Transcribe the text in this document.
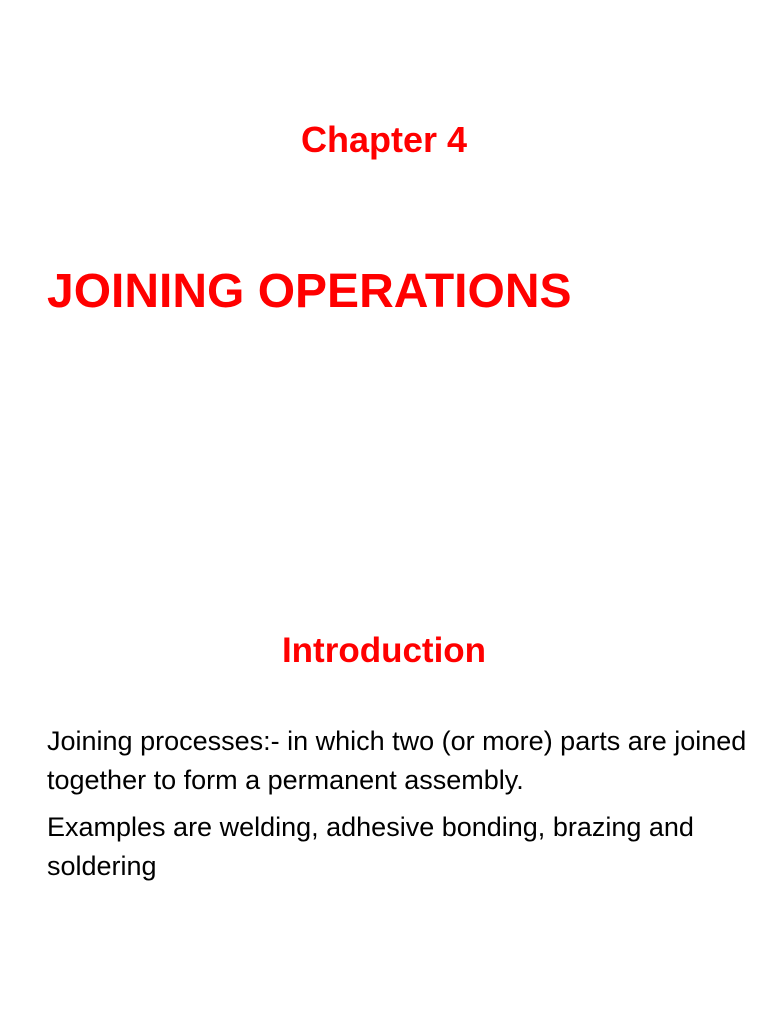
Chapter 4
JOINING OPERATIONS
Introduction

Joining processes:- in which two (or more) parts are joined together to form a permanent assembly.

Examples are welding, adhesive bonding, brazing and soldering
